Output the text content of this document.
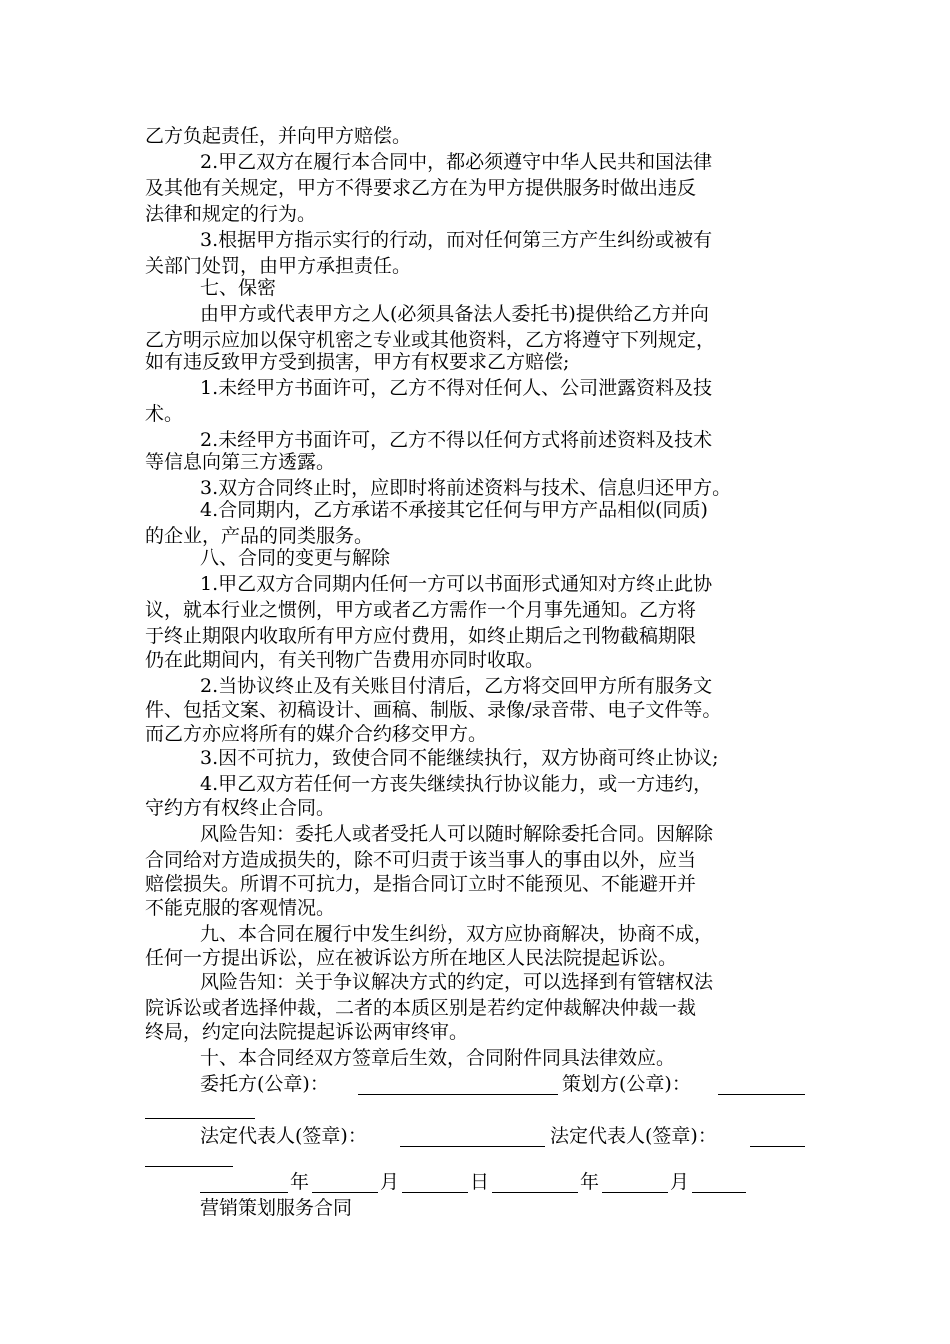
乙方负起责任，并向甲方赔偿。
2.甲乙双方在履行本合同中，都必须遵守中华人民共和国法律
及其他有关规定，甲方不得要求乙方在为甲方提供服务时做出违反
法律和规定的行为。
3.根据甲方指示实行的行动，而对任何第三方产生纠纷或被有
关部门处罚，由甲方承担责任。
七、保密
由甲方或代表甲方之人(必须具备法人委托书)提供给乙方并向
乙方明示应加以保守机密之专业或其他资料，乙方将遵守下列规定，
如有违反致甲方受到损害，甲方有权要求乙方赔偿;
1.未经甲方书面许可，乙方不得对任何人、公司泄露资料及技
术。
2.未经甲方书面许可，乙方不得以任何方式将前述资料及技术
等信息向第三方透露。
3.双方合同终止时，应即时将前述资料与技术、信息归还甲方。
4.合同期内，乙方承诺不承接其它任何与甲方产品相似(同质)
的企业，产品的同类服务。
八、合同的变更与解除
1.甲乙双方合同期内任何一方可以书面形式通知对方终止此协
议，就本行业之惯例，甲方或者乙方需作一个月事先通知。乙方将
于终止期限内收取所有甲方应付费用，如终止期后之刊物截稿期限
仍在此期间内，有关刊物广告费用亦同时收取。
2.当协议终止及有关账目付清后，乙方将交回甲方所有服务文
件、包括文案、初稿设计、画稿、制版、录像/录音带、电子文件等。
而乙方亦应将所有的媒介合约移交甲方。
3.因不可抗力，致使合同不能继续执行，双方协商可终止协议;
4.甲乙双方若任何一方丧失继续执行协议能力，或一方违约，
守约方有权终止合同。
风险告知：委托人或者受托人可以随时解除委托合同。因解除
合同给对方造成损失的，除不可归责于该当事人的事由以外，应当
赔偿损失。所谓不可抗力，是指合同订立时不能预见、不能避开并
不能克服的客观情况。
九、本合同在履行中发生纠纷，双方应协商解决，协商不成，
任何一方提出诉讼，应在被诉讼方所在地区人民法院提起诉讼。
风险告知：关于争议解决方式的约定，可以选择到有管辖权法
院诉讼或者选择仲裁，二者的本质区别是若约定仲裁解决仲裁一裁
终局，约定向法院提起诉讼两审终审。
十、本合同经双方签章后生效，合同附件同具法律效应。
委托方(公章)：	策划方(公章)：
法定代表人(签章)：	法定代表人(签章)：
年	月	日	年	月
营销策划服务合同
